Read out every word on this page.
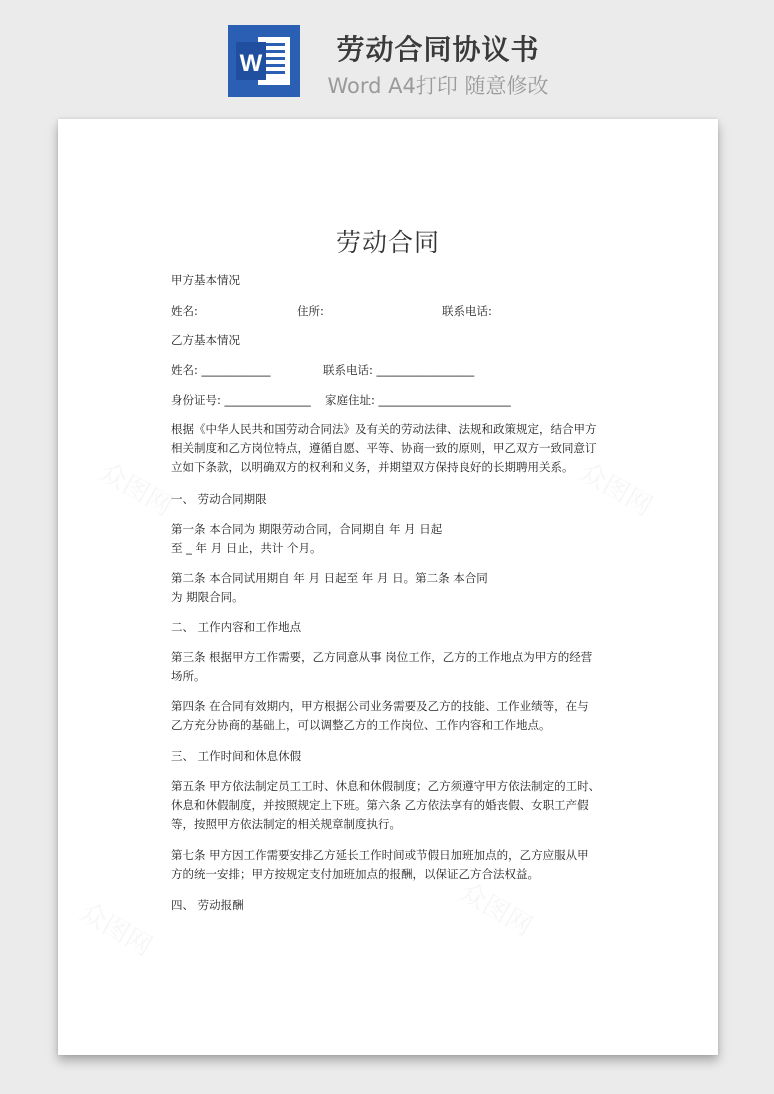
W	劳动合同协议书
Word A4打印 随意修改
众图网	众图网
众图网	众图网
劳动合同
甲方基本情况
姓名:	住所:	联系电话:
乙方基本情况
姓名: ____________	联系电话: _________________
身份证号: _______________ 家庭住址: _______________________
根据《中华人民共和国劳动合同法》及有关的劳动法律、法规和政策规定，结合甲方相关制度和乙方岗位特点，遵循自愿、平等、协商一致的原则，甲乙双方一致同意订立如下条款，以明确双方的权利和义务，并期望双方保持良好的长期聘用关系。
一、 劳动合同期限
第一条 本合同为 期限劳动合同，合同期自 年 月 日起
至 _ 年 月 日止，共计 个月。
第二条 本合同试用期自 年 月 日起至 年 月 日。第二条 本合同
为 期限合同。
二、 工作内容和工作地点
第三条 根据甲方工作需要，乙方同意从事 岗位工作，乙方的工作地点为甲方的经营场所。
第四条 在合同有效期内，甲方根据公司业务需要及乙方的技能、工作业绩等，在与乙方充分协商的基础上，可以调整乙方的工作岗位、工作内容和工作地点。
三、 工作时间和休息休假
第五条 甲方依法制定员工工时、休息和休假制度；乙方须遵守甲方依法制定的工时、休息和休假制度，并按照规定上下班。第六条 乙方依法享有的婚丧假、女职工产假等，按照甲方依法制定的相关规章制度执行。
第七条 甲方因工作需要安排乙方延长工作时间或节假日加班加点的，乙方应服从甲方的统一安排；甲方按规定支付加班加点的报酬，以保证乙方合法权益。
四、 劳动报酬
